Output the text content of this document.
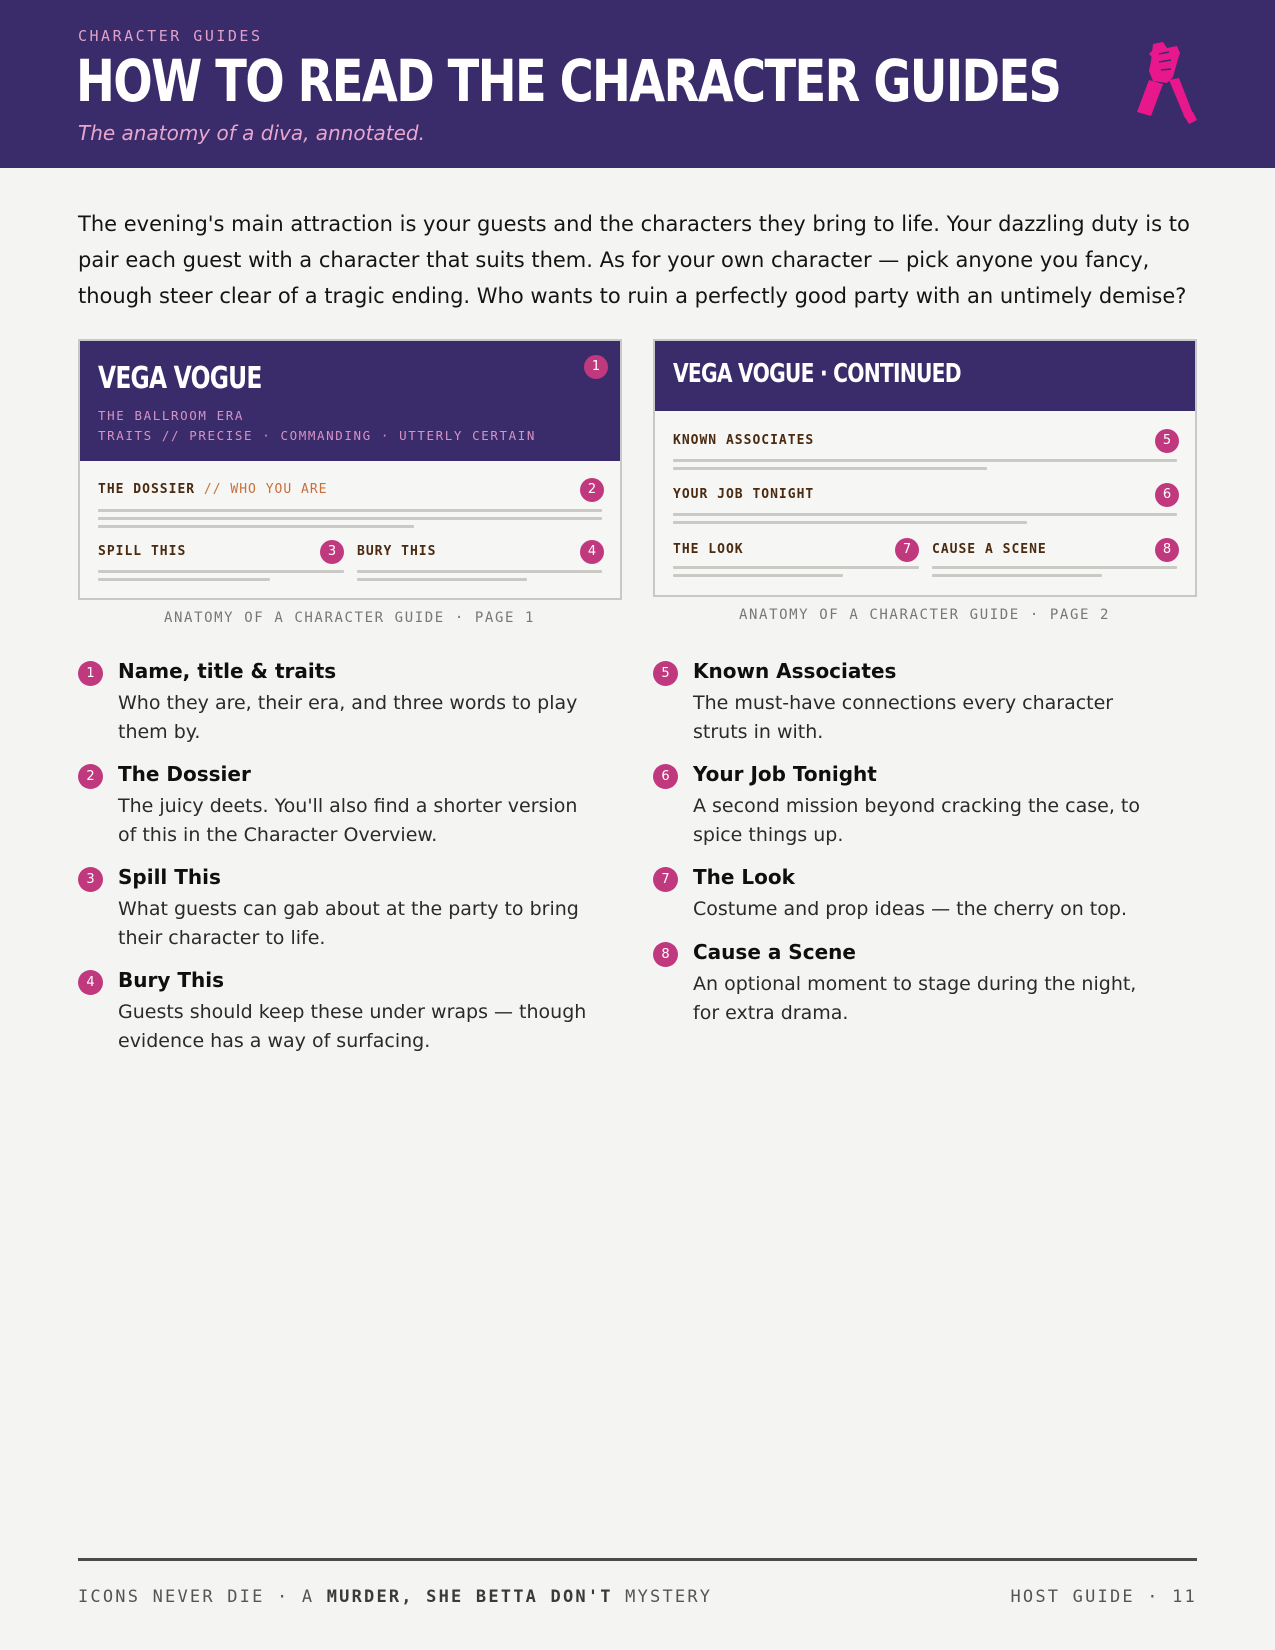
CHARACTER GUIDES
HOW TO READ THE CHARACTER GUIDES
The anatomy of a diva, annotated.
The evening's main attraction is your guests and the characters they bring to life. Your dazzling duty is to pair each guest with a character that suits them. As for your own character — pick anyone you fancy, though steer clear of a tragic ending. Who wants to ruin a perfectly good party with an untimely demise?
VEGA VOGUE	1
THE BALLROOM ERA
TRAITS // PRECISE · COMMANDING · UTTERLY CERTAIN
THE DOSSIER // WHO YOU ARE	2
SPILL THIS	3	BURY THIS	4
ANATOMY OF A CHARACTER GUIDE · PAGE 1
VEGA VOGUE · CONTINUED
KNOWN ASSOCIATES	5
YOUR JOB TONIGHT	6
THE LOOK	7	CAUSE A SCENE	8
ANATOMY OF A CHARACTER GUIDE · PAGE 2
1	Name, title & traits
Who they are, their era, and three words to play them by.
2	The Dossier
The juicy deets. You'll also find a shorter version of this in the Character Overview.
3	Spill This
What guests can gab about at the party to bring their character to life.
4	Bury This
Guests should keep these under wraps — though evidence has a way of surfacing.
5	Known Associates
The must-have connections every character struts in with.
6	Your Job Tonight
A second mission beyond cracking the case, to spice things up.
7	The Look
Costume and prop ideas — the cherry on top.
8	Cause a Scene
An optional moment to stage during the night, for extra drama.
ICONS NEVER DIE · A MURDER, SHE BETTA DON'T MYSTERY	HOST GUIDE · 11
